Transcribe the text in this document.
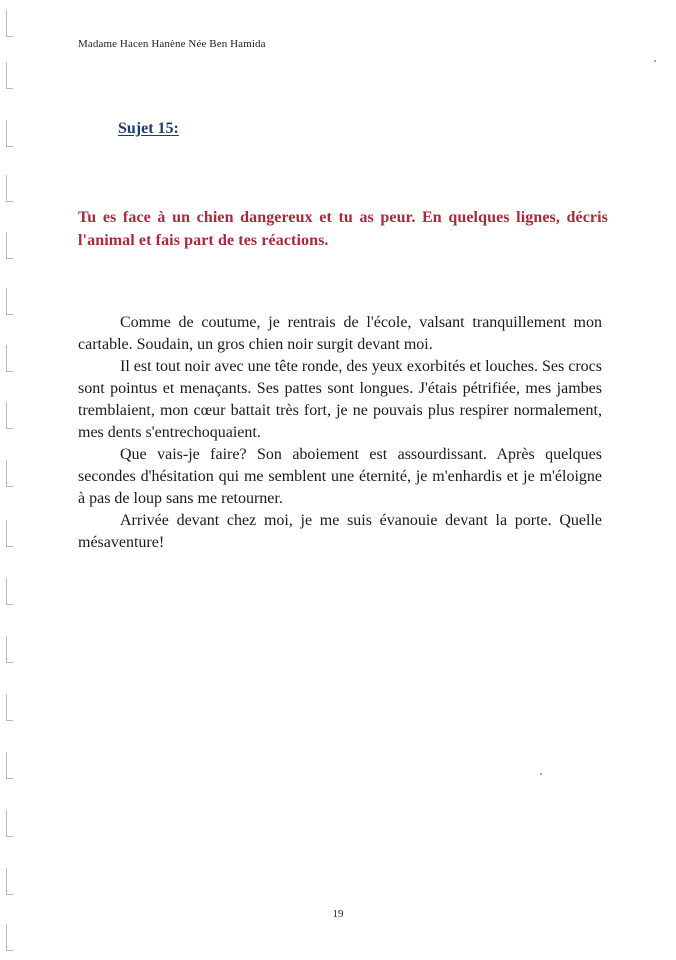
Madame Hacen Hanène Née Ben Hamida
Sujet 15:
Tu es face à un chien dangereux et tu as peur. En quelques lignes, décris l'animal et fais part de tes réactions.

Comme de coutume, je rentrais de l'école, valsant tranquillement mon cartable. Soudain, un gros chien noir surgit devant moi.

Il est tout noir avec une tête ronde, des yeux exorbités et louches. Ses crocs sont pointus et menaçants. Ses pattes sont longues. J'étais pétrifiée, mes jambes tremblaient, mon cœur battait très fort, je ne pouvais plus respirer normalement, mes dents s'entrechoquaient.

Que vais-je faire? Son aboiement est assourdissant. Après quelques secondes d'hésitation qui me semblent une éternité, je m'enhardis et je m'éloigne à pas de loup sans me retourner.

Arrivée devant chez moi, je me suis évanouie devant la porte. Quelle mésaventure!

19
